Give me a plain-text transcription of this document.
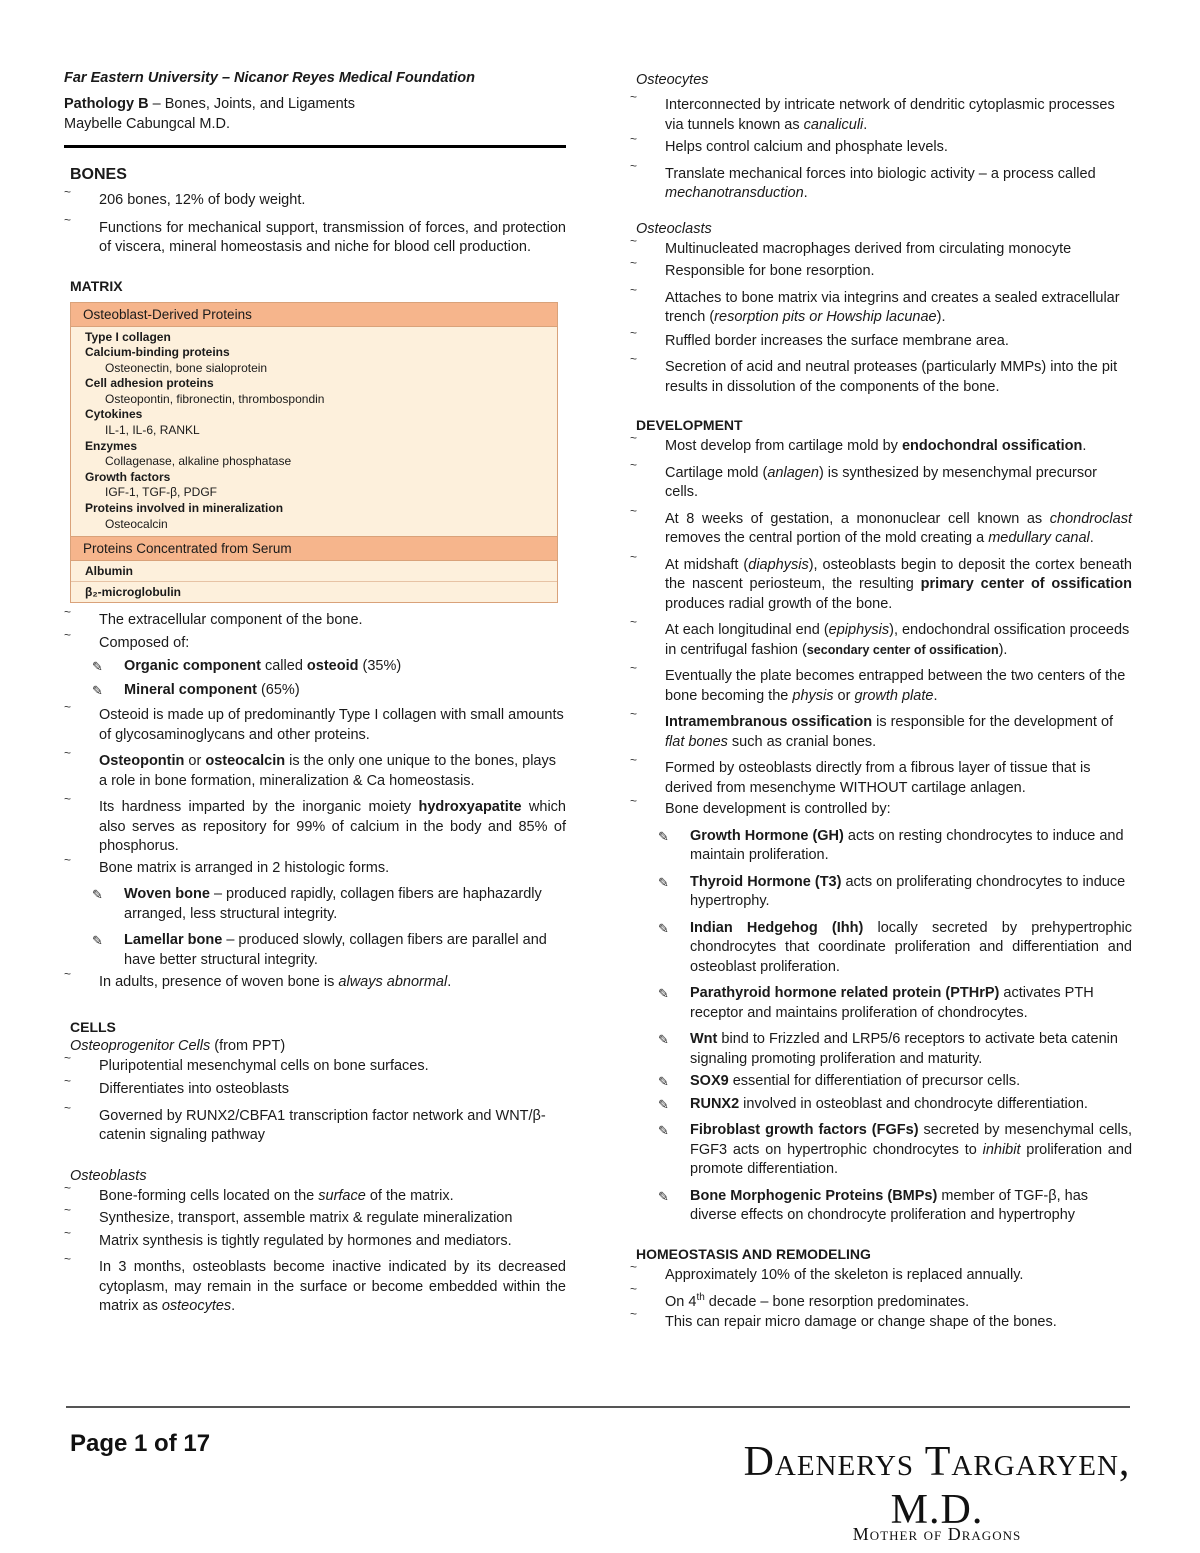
Far Eastern University – Nicanor Reyes Medical Foundation
Pathology B – Bones, Joints, and Ligaments
Maybelle Cabungcal M.D.
BONES
~ 206 bones, 12% of body weight.
~ Functions for mechanical support, transmission of forces, and protection of viscera, mineral homeostasis and niche for blood cell production.
MATRIX
Osteoblast-Derived Proteins
Type I collagen
Calcium-binding proteins
Osteonectin, bone sialoprotein
Cell adhesion proteins
Osteopontin, fibronectin, thrombospondin
Cytokines
IL-1, IL-6, RANKL
Enzymes
Collagenase, alkaline phosphatase
Growth factors
IGF-1, TGF-β, PDGF
Proteins involved in mineralization
Osteocalcin
Proteins Concentrated from Serum
Albumin
β₂-microglobulin
~ The extracellular component of the bone.
~ Composed of:
✎ Organic component called osteoid (35%)
✎ Mineral component (65%)
~ Osteoid is made up of predominantly Type I collagen with small amounts of glycosaminoglycans and other proteins.
~ Osteopontin or osteocalcin is the only one unique to the bones, plays a role in bone formation, mineralization & Ca homeostasis.
~ Its hardness imparted by the inorganic moiety hydroxyapatite which also serves as repository for 99% of calcium in the body and 85% of phosphorus.
~ Bone matrix is arranged in 2 histologic forms.
✎ Woven bone – produced rapidly, collagen fibers are haphazardly arranged, less structural integrity.
✎ Lamellar bone – produced slowly, collagen fibers are parallel and have better structural integrity.
~ In adults, presence of woven bone is always abnormal.
CELLS
Osteoprogenitor Cells (from PPT)
~ Pluripotential mesenchymal cells on bone surfaces.
~ Differentiates into osteoblasts
~ Governed by RUNX2/CBFA1 transcription factor network and WNT/β-catenin signaling pathway
Osteoblasts
~ Bone-forming cells located on the surface of the matrix.
~ Synthesize, transport, assemble matrix & regulate mineralization
~ Matrix synthesis is tightly regulated by hormones and mediators.
~ In 3 months, osteoblasts become inactive indicated by its decreased cytoplasm, may remain in the surface or become embedded within the matrix as osteocytes.
Osteocytes
~ Interconnected by intricate network of dendritic cytoplasmic processes via tunnels known as canaliculi.
~ Helps control calcium and phosphate levels.
~ Translate mechanical forces into biologic activity – a process called mechanotransduction.
Osteoclasts
~ Multinucleated macrophages derived from circulating monocyte
~ Responsible for bone resorption.
~ Attaches to bone matrix via integrins and creates a sealed extracellular trench (resorption pits or Howship lacunae).
~ Ruffled border increases the surface membrane area.
~ Secretion of acid and neutral proteases (particularly MMPs) into the pit results in dissolution of the components of the bone.
DEVELOPMENT
~ Most develop from cartilage mold by endochondral ossification.
~ Cartilage mold (anlagen) is synthesized by mesenchymal precursor cells.
~ At 8 weeks of gestation, a mononuclear cell known as chondroclast removes the central portion of the mold creating a medullary canal.
~ At midshaft (diaphysis), osteoblasts begin to deposit the cortex beneath the nascent periosteum, the resulting primary center of ossification produces radial growth of the bone.
~ At each longitudinal end (epiphysis), endochondral ossification proceeds in centrifugal fashion (secondary center of ossification).
~ Eventually the plate becomes entrapped between the two centers of the bone becoming the physis or growth plate.
~ Intramembranous ossification is responsible for the development of flat bones such as cranial bones.
~ Formed by osteoblasts directly from a fibrous layer of tissue that is derived from mesenchyme WITHOUT cartilage anlagen.
~ Bone development is controlled by:
✎ Growth Hormone (GH) acts on resting chondrocytes to induce and maintain proliferation.
✎ Thyroid Hormone (T3) acts on proliferating chondrocytes to induce hypertrophy.
✎ Indian Hedgehog (Ihh) locally secreted by prehypertrophic chondrocytes that coordinate proliferation and differentiation and osteoblast proliferation.
✎ Parathyroid hormone related protein (PTHrP) activates PTH receptor and maintains proliferation of chondrocytes.
✎ Wnt bind to Frizzled and LRP5/6 receptors to activate beta catenin signaling promoting proliferation and maturity.
✎ SOX9 essential for differentiation of precursor cells.
✎ RUNX2 involved in osteoblast and chondrocyte differentiation.
✎ Fibroblast growth factors (FGFs) secreted by mesenchymal cells, FGF3 acts on hypertrophic chondrocytes to inhibit proliferation and promote differentiation.
✎ Bone Morphogenic Proteins (BMPs) member of TGF-β, has diverse effects on chondrocyte proliferation and hypertrophy
HOMEOSTASIS AND REMODELING
~ Approximately 10% of the skeleton is replaced annually.
~ On 4th decade – bone resorption predominates.
~ This can repair micro damage or change shape of the bones.
Page 1 of 17	Daenerys Targaryen, M.D.
Mother of Dragons
